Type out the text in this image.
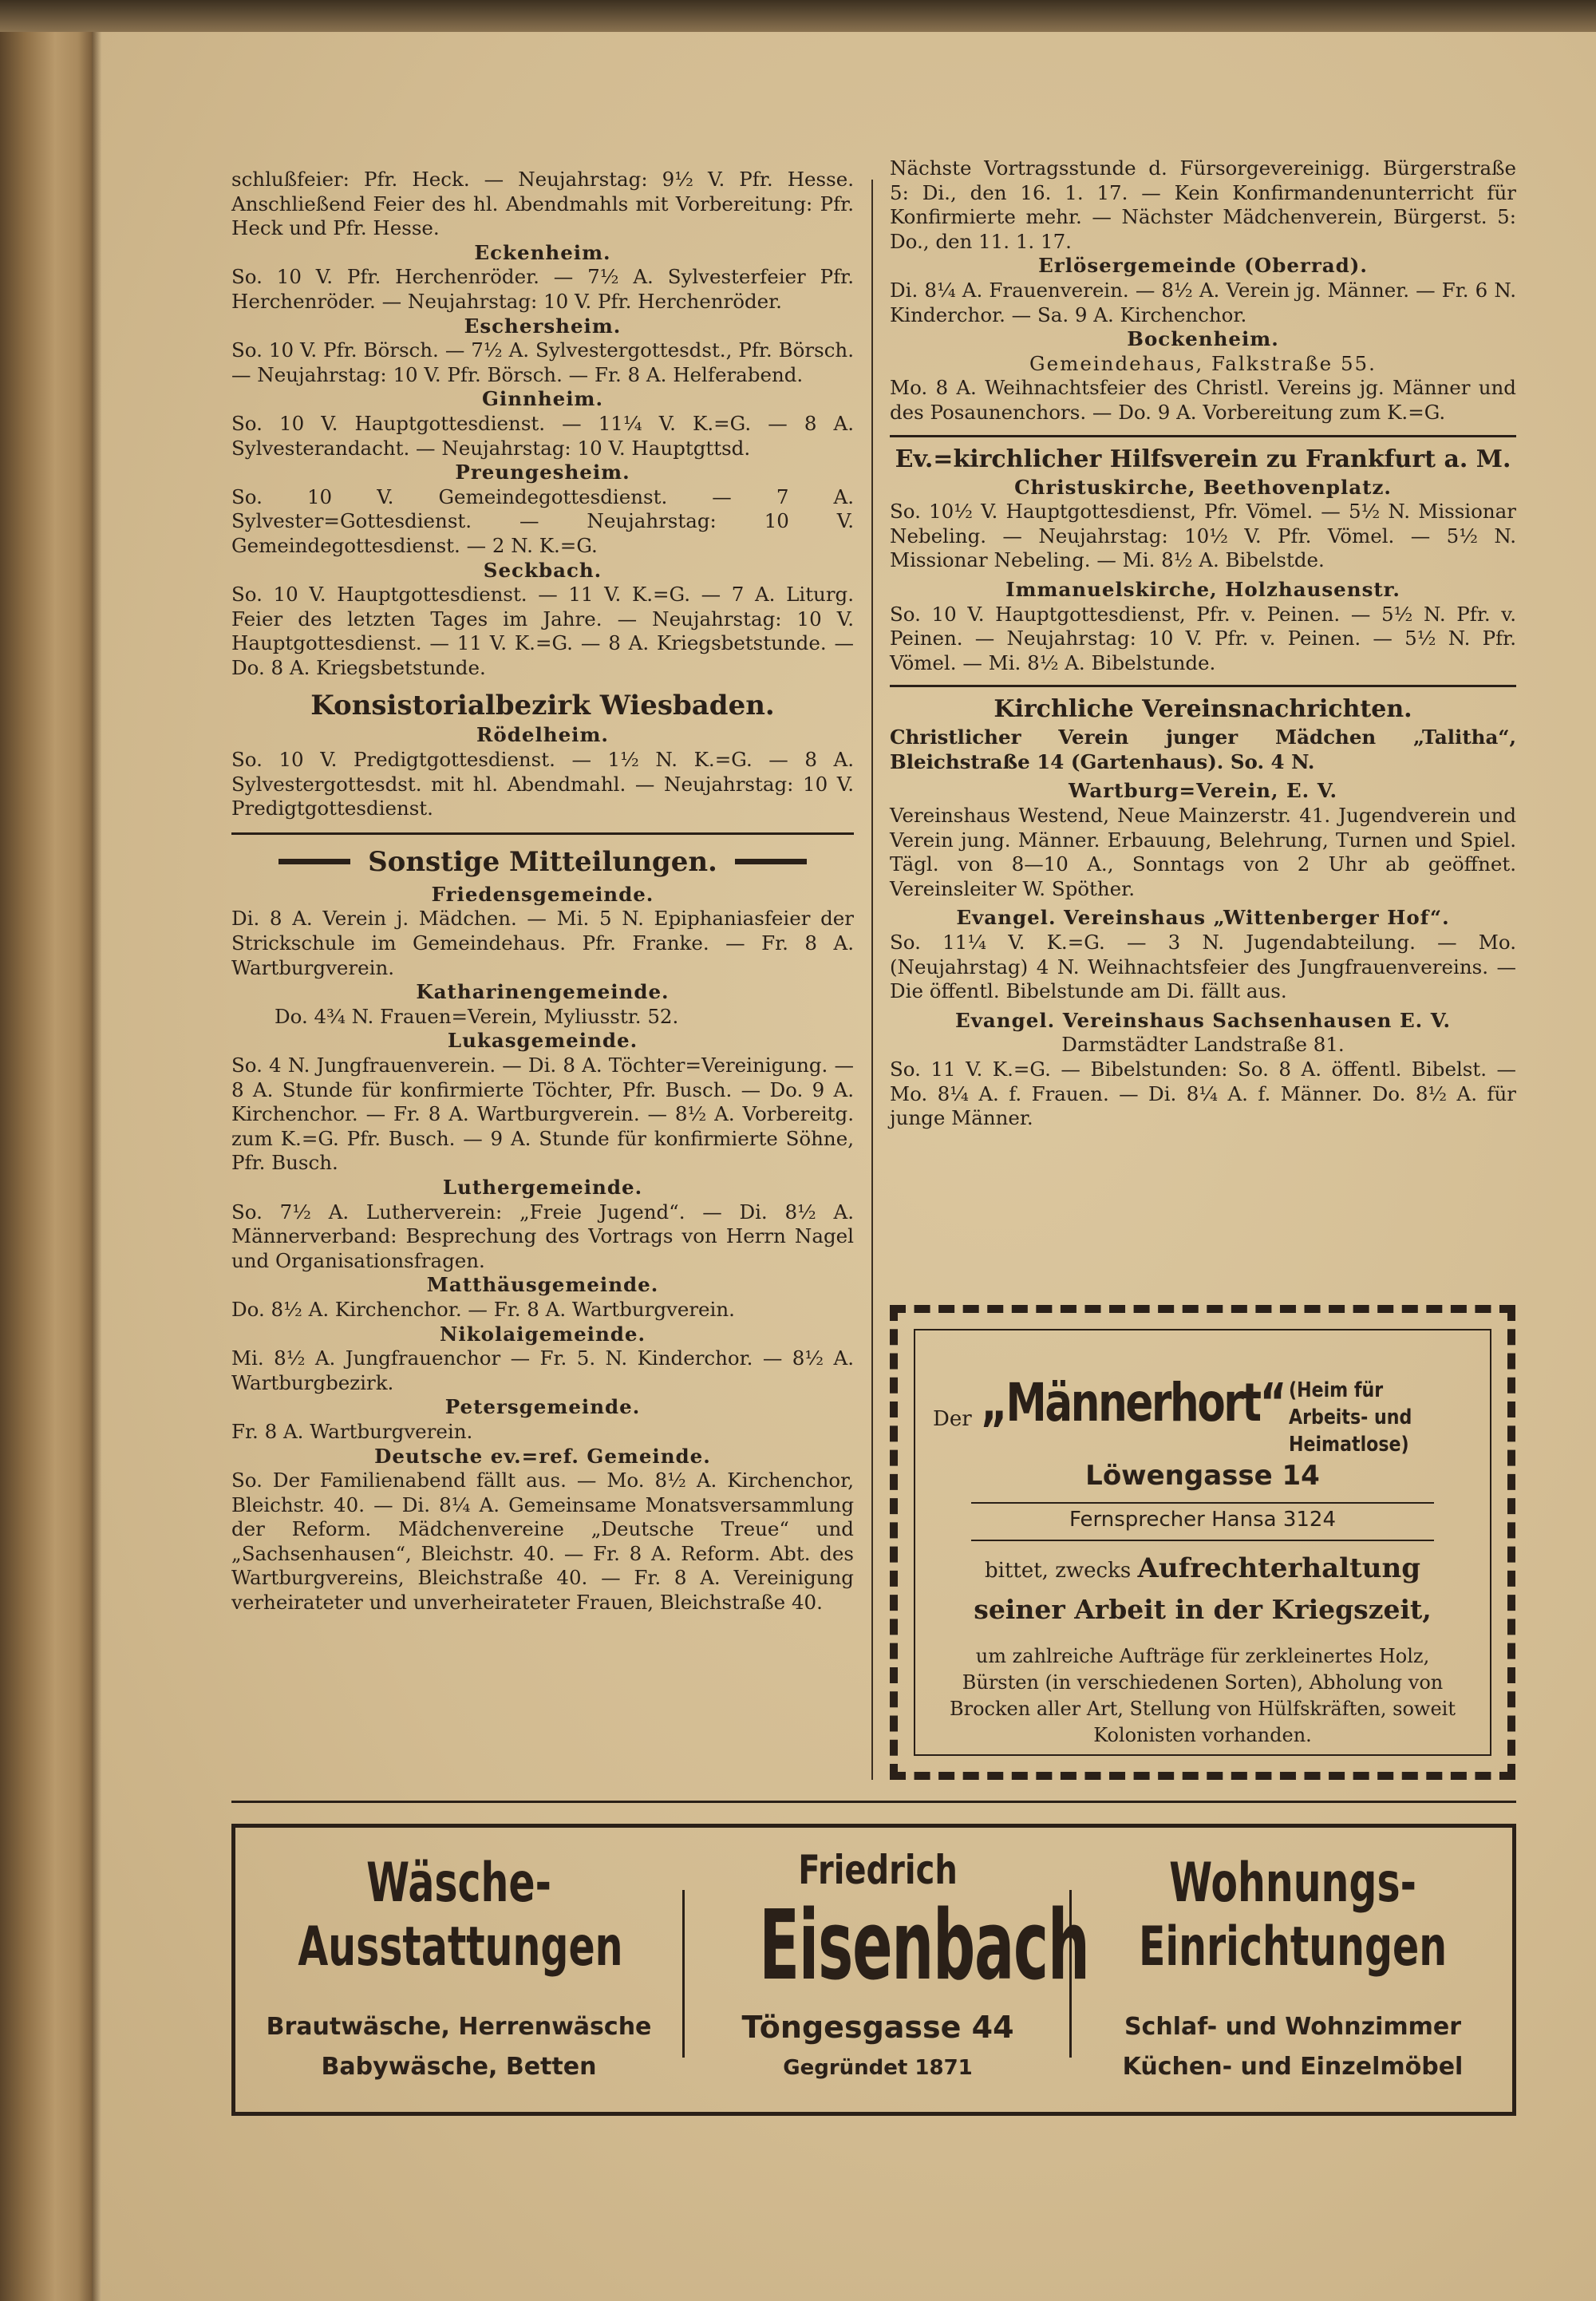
schlußfeier: Pfr. Heck. — Neujahrstag: 9½ V. Pfr. Hesse. Anschließend Feier des hl. Abendmahls mit Vorbereitung: Pfr. Heck und Pfr. Hesse.

Eckenheim.

So. 10 V. Pfr. Herchenröder. — 7½ A. Sylvesterfeier Pfr. Herchenröder. — Neujahrstag: 10 V. Pfr. Herchenröder.

Eschersheim.

So. 10 V. Pfr. Börsch. — 7½ A. Sylvestergottesdst., Pfr. Börsch. — Neujahrstag: 10 V. Pfr. Börsch. — Fr. 8 A. Helferabend.

Ginnheim.

So. 10 V. Hauptgottesdienst. — 11¼ V. K.=G. — 8 A. Sylvesterandacht. — Neujahrstag: 10 V. Hauptgttsd.

Preungesheim.

So. 10 V. Gemeindegottesdienst. — 7 A. Sylvester=Gottesdienst. — Neujahrstag: 10 V. Gemeindegottesdienst. — 2 N. K.=G.

Seckbach.

So. 10 V. Hauptgottesdienst. — 11 V. K.=G. — 7 A. Liturg. Feier des letzten Tages im Jahre. — Neujahrstag: 10 V. Hauptgottesdienst. — 11 V. K.=G. — 8 A. Kriegsbetstunde. — Do. 8 A. Kriegsbetstunde.

Konsistorialbezirk Wiesbaden.

Rödelheim.

So. 10 V. Predigtgottesdienst. — 1½ N. K.=G. — 8 A. Sylvestergottesdst. mit hl. Abendmahl. — Neujahrstag: 10 V. Predigtgottesdienst.

Sonstige Mitteilungen.

Friedensgemeinde.

Di. 8 A. Verein j. Mädchen. — Mi. 5 N. Epiphaniasfeier der Strickschule im Gemeindehaus. Pfr. Franke. — Fr. 8 A. Wartburgverein.

Katharinengemeinde.

Do. 4¾ N. Frauen=Verein, Myliusstr. 52.

Lukasgemeinde.

So. 4 N. Jungfrauenverein. — Di. 8 A. Töchter=Vereinigung. — 8 A. Stunde für konfirmierte Töchter, Pfr. Busch. — Do. 9 A. Kirchenchor. — Fr. 8 A. Wartburgverein. — 8½ A. Vorbereitg. zum K.=G. Pfr. Busch. — 9 A. Stunde für konfirmierte Söhne, Pfr. Busch.

Luthergemeinde.

So. 7½ A. Lutherverein: „Freie Jugend“. — Di. 8½ A. Männerverband: Besprechung des Vortrags von Herrn Nagel und Organisationsfragen.

Matthäusgemeinde.

Do. 8½ A. Kirchenchor. — Fr. 8 A. Wartburgverein.

Nikolaigemeinde.

Mi. 8½ A. Jungfrauenchor — Fr. 5. N. Kinderchor. — 8½ A. Wartburgbezirk.

Petersgemeinde.

Fr. 8 A. Wartburgverein.

Deutsche ev.=ref. Gemeinde.

So. Der Familienabend fällt aus. — Mo. 8½ A. Kirchenchor, Bleichstr. 40. — Di. 8¼ A. Gemeinsame Monatsversammlung der Reform. Mädchenvereine „Deutsche Treue“ und „Sachsenhausen“, Bleichstr. 40. — Fr. 8 A. Reform. Abt. des Wartburgvereins, Bleichstraße 40. — Fr. 8 A. Vereinigung verheirateter und unverheirateter Frauen, Bleichstraße 40.

Nächste Vortragsstunde d. Fürsorgevereinigg. Bürgerstraße 5: Di., den 16. 1. 17. — Kein Konfirmandenunterricht für Konfirmierte mehr. — Nächster Mädchenverein, Bürgerst. 5: Do., den 11. 1. 17.

Erlösergemeinde (Oberrad).

Di. 8¼ A. Frauenverein. — 8½ A. Verein jg. Männer. — Fr. 6 N. Kinderchor. — Sa. 9 A. Kirchenchor.

Bockenheim.

Gemeindehaus, Falkstraße 55.

Mo. 8 A. Weihnachtsfeier des Christl. Vereins jg. Männer und des Posaunenchors. — Do. 9 A. Vorbereitung zum K.=G.

Ev.=kirchlicher Hilfsverein zu Frankfurt a. M.

Christuskirche, Beethovenplatz.

So. 10½ V. Hauptgottesdienst, Pfr. Vömel. — 5½ N. Missionar Nebeling. — Neujahrstag: 10½ V. Pfr. Vömel. — 5½ N. Missionar Nebeling. — Mi. 8½ A. Bibelstde.

Immanuelskirche, Holzhausenstr.

So. 10 V. Hauptgottesdienst, Pfr. v. Peinen. — 5½ N. Pfr. v. Peinen. — Neujahrstag: 10 V. Pfr. v. Peinen. — 5½ N. Pfr. Vömel. — Mi. 8½ A. Bibelstunde.

Kirchliche Vereinsnachrichten.

Christlicher Verein junger Mädchen „Talitha“, Bleichstraße 14 (Gartenhaus). So. 4 N.

Wartburg=Verein, E. V.

Vereinshaus Westend, Neue Mainzerstr. 41. Jugendverein und Verein jung. Männer. Erbauung, Belehrung, Turnen und Spiel. Tägl. von 8—10 A., Sonntags von 2 Uhr ab geöffnet. Vereinsleiter W. Spöther.

Evangel. Vereinshaus „Wittenberger Hof“.

So. 11¼ V. K.=G. — 3 N. Jugendabteilung. — Mo. (Neujahrstag) 4 N. Weihnachtsfeier des Jungfrauenvereins. — Die öffentl. Bibelstunde am Di. fällt aus.

Evangel. Vereinshaus Sachsenhausen E. V.

Darmstädter Landstraße 81.

So. 11 V. K.=G. — Bibelstunden: So. 8 A. öffentl. Bibelst. — Mo. 8¼ A. f. Frauen. — Di. 8¼ A. f. Männer. Do. 8½ A. für junge Männer.

Der „Männerhort“ (Heim für Arbeits- und Heimatlose)
Löwengasse 14
Fernsprecher Hansa 3124
bittet, zwecks Aufrechterhaltung
seiner Arbeit in der Kriegszeit,
um zahlreiche Aufträge für zerkleinertes Holz, Bürsten (in verschiedenen Sorten), Abholung von Brocken aller Art, Stellung von Hülfskräften, soweit Kolonisten vorhanden.
Wäsche-
Ausstattungen
Brautwäsche, Herrenwäsche
Babywäsche, Betten
Friedrich
Eisenbach
Töngesgasse 44
Gegründet 1871
Wohnungs-
Einrichtungen
Schlaf- und Wohnzimmer
Küchen- und Einzelmöbel
